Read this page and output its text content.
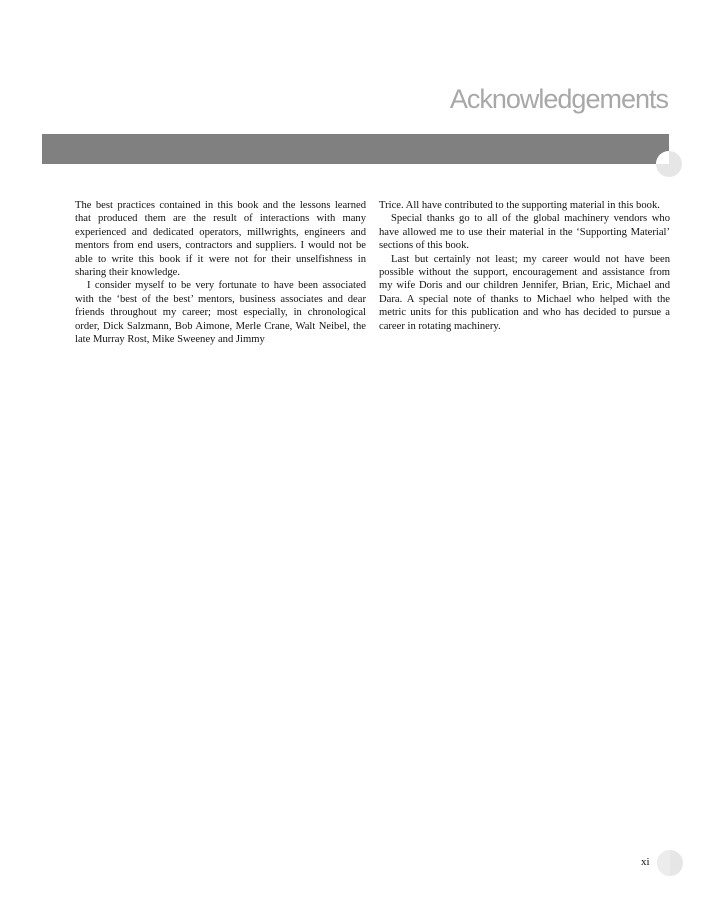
Acknowledgements

The best practices contained in this book and the lessons learned that produced them are the result of interactions with many experienced and dedicated operators, millwrights, engineers and mentors from end users, contractors and suppliers. I would not be able to write this book if it were not for their unselfishness in sharing their knowledge.

I consider myself to be very fortunate to have been associated with the ‘best of the best’ mentors, business associates and dear friends throughout my career; most especially, in chronological order, Dick Salzmann, Bob Aimone, Merle Crane, Walt Neibel, the late Murray Rost, Mike Sweeney and Jimmy

Trice. All have contributed to the supporting material in this book.

Special thanks go to all of the global machinery vendors who have allowed me to use their material in the ‘Supporting Material’ sections of this book.

Last but certainly not least; my career would not have been possible without the support, encouragement and assistance from my wife Doris and our children Jennifer, Brian, Eric, Michael and Dara. A special note of thanks to Michael who helped with the metric units for this publication and who has decided to pursue a career in rotating machinery.

xi
